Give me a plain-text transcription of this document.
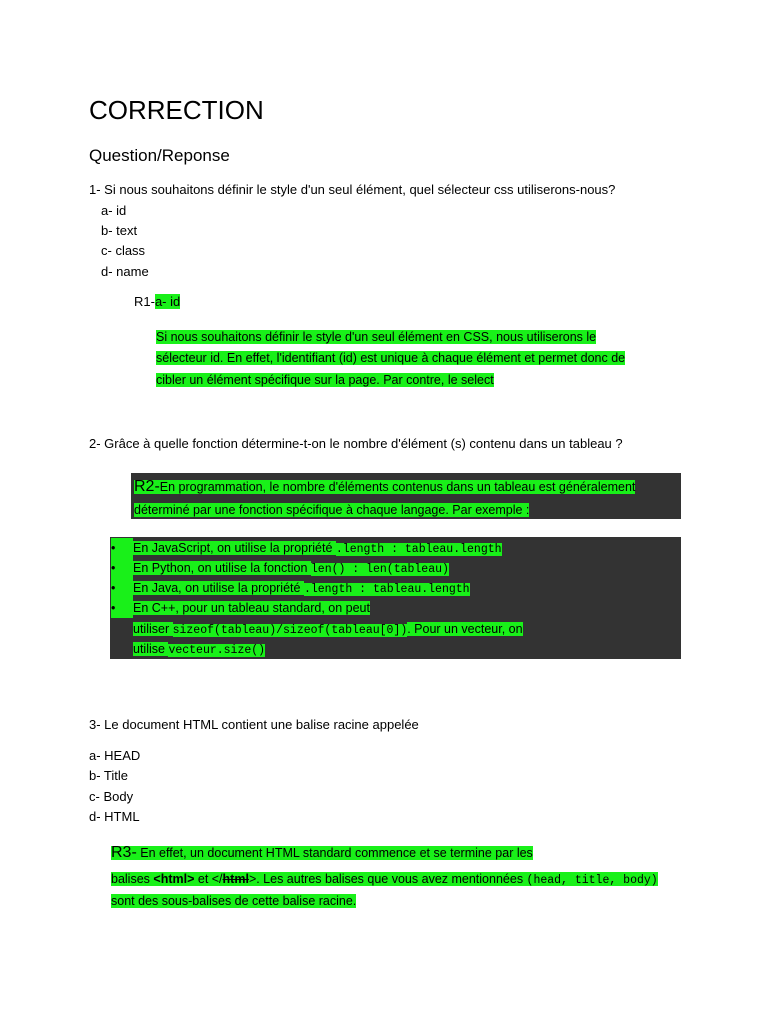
CORRECTION
Question/Reponse
1- Si nous souhaitons définir le style d'un seul élément, quel sélecteur css utiliserons-nous?
a- id
b- text
c- class
d- name
R1-a- id
Si nous souhaitons définir le style d'un seul élément en CSS, nous utiliserons le
sélecteur id. En effet, l'identifiant (id) est unique à chaque élément et permet donc de
cibler un élément spécifique sur la page. Par contre, le select
2- Grâce à quelle fonction détermine-t-on le nombre d'élément (s) contenu dans un tableau ?
R2-En programmation, le nombre d'éléments contenus dans un tableau est généralement
déterminé par une fonction spécifique à chaque langage. Par exemple :
• En JavaScript, on utilise la propriété .length : tableau.length
• En Python, on utilise la fonction len() : len(tableau)
• En Java, on utilise la propriété .length : tableau.length
• En C++, pour un tableau standard, on peut
utiliser sizeof(tableau)/sizeof(tableau[0]). Pour un vecteur, on
utilise vecteur.size()
3- Le document HTML contient une balise racine appelée
a- HEAD
b- Title
c- Body
d- HTML
R3- En effet, un document HTML standard commence et se termine par les
balises <html> et </html>. Les autres balises que vous avez mentionnées (head, title, body)
sont des sous-balises de cette balise racine.
